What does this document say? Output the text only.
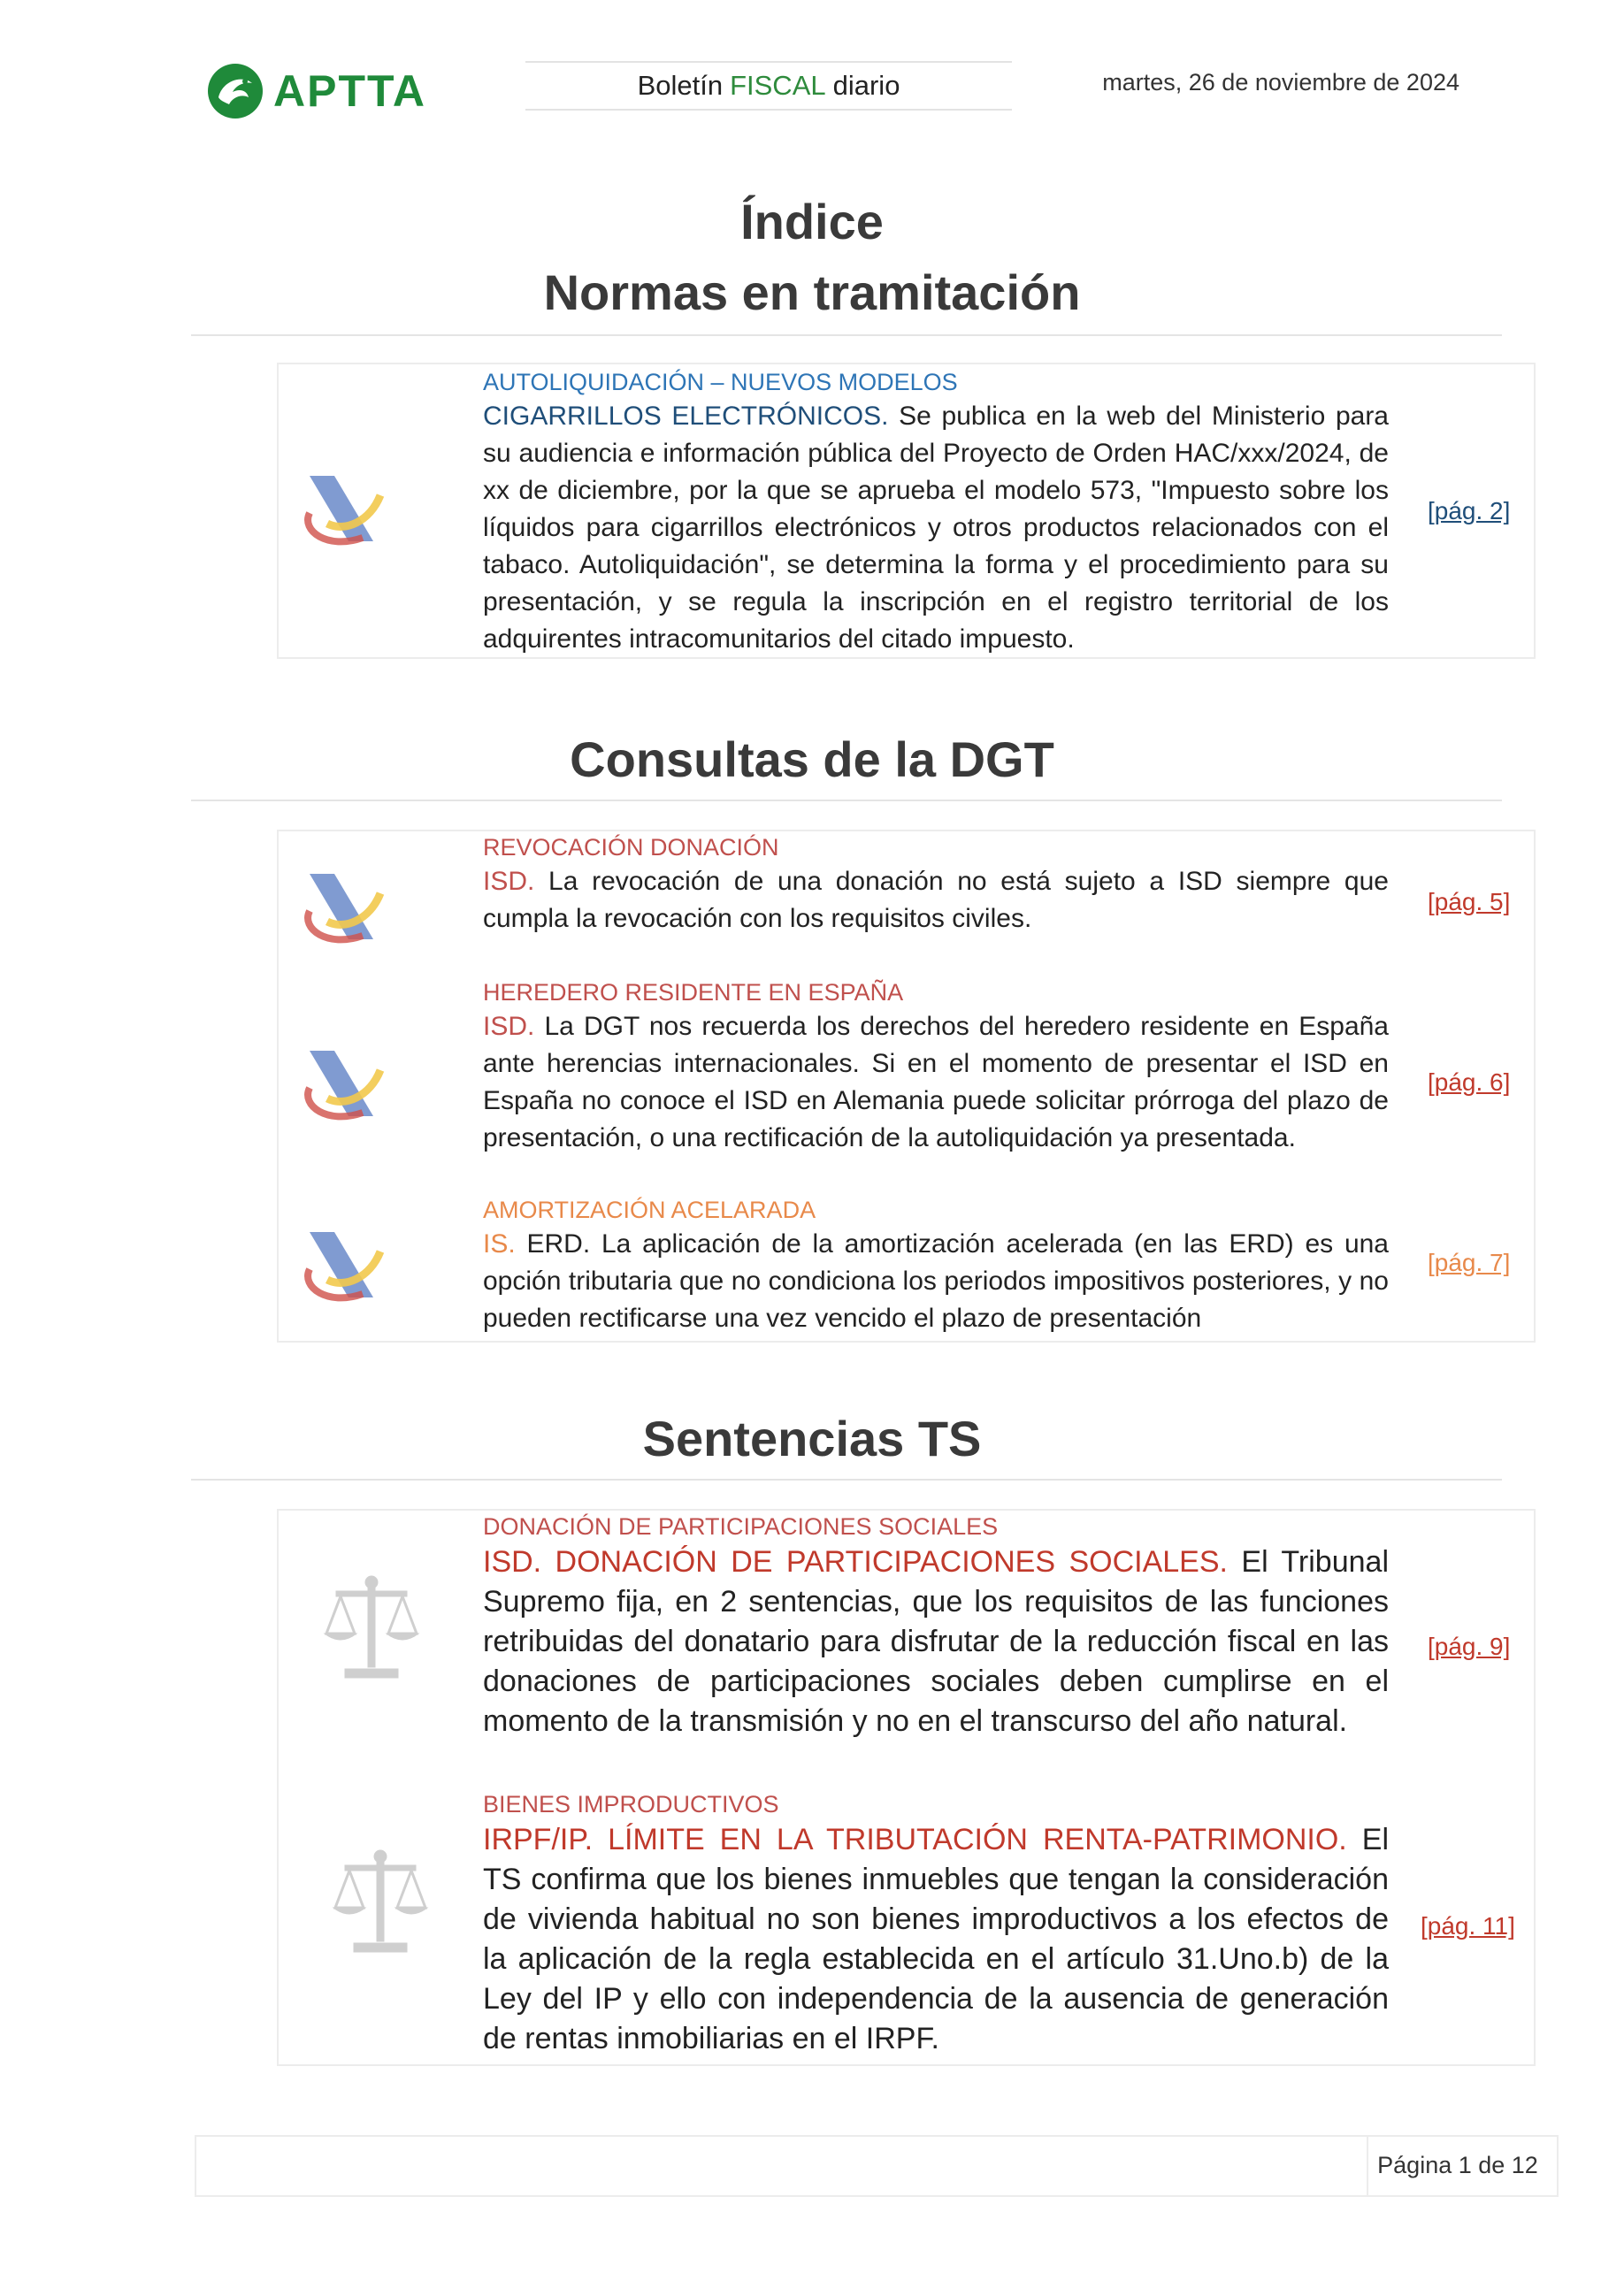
APTTA	Boletín FISCAL diario	martes, 26 de noviembre de 2024
Índice
Normas en tramitación
AUTOLIQUIDACIÓN – NUEVOS MODELOS
CIGARRILLOS ELECTRÓNICOS. Se publica en la web del Ministerio para su audiencia e información pública del Proyecto de Orden HAC/xxx/2024, de xx de diciembre, por la que se aprueba el modelo 573, "Impuesto sobre los líquidos para cigarrillos electrónicos y otros productos relacionados con el tabaco. Autoliquidación", se determina la forma y el procedimiento para su presentación, y se regula la inscripción en el registro territorial de los adquirentes intracomunitarios del citado impuesto.
[pág. 2]
Consultas de la DGT
REVOCACIÓN DONACIÓN
ISD. La revocación de una donación no está sujeto a ISD siempre que cumpla la revocación con los requisitos civiles.
[pág. 5]
HEREDERO RESIDENTE EN ESPAÑA
ISD. La DGT nos recuerda los derechos del heredero residente en España ante herencias internacionales. Si en el momento de presentar el ISD en España no conoce el ISD en Alemania puede solicitar prórroga del plazo de presentación, o una rectificación de la autoliquidación ya presentada.
[pág. 6]
AMORTIZACIÓN ACELARADA
IS. ERD. La aplicación de la amortización acelerada (en las ERD) es una opción tributaria que no condiciona los periodos impositivos posteriores, y no pueden rectificarse una vez vencido el plazo de presentación
[pág. 7]
Sentencias TS
DONACIÓN DE PARTICIPACIONES SOCIALES
ISD. DONACIÓN DE PARTICIPACIONES SOCIALES. El Tribunal Supremo fija, en 2 sentencias, que los requisitos de las funciones retribuidas del donatario para disfrutar de la reducción fiscal en las donaciones de participaciones sociales deben cumplirse en el momento de la transmisión y no en el transcurso del año natural.
[pág. 9]
BIENES IMPRODUCTIVOS
IRPF/IP. LÍMITE EN LA TRIBUTACIÓN RENTA-PATRIMONIO. El TS confirma que los bienes inmuebles que tengan la consideración de vivienda habitual no son bienes improductivos a los efectos de la aplicación de la regla establecida en el artículo 31.Uno.b) de la Ley del IP y ello con independencia de la ausencia de generación de rentas inmobiliarias en el IRPF.
[pág. 11]
Página 1 de 12
